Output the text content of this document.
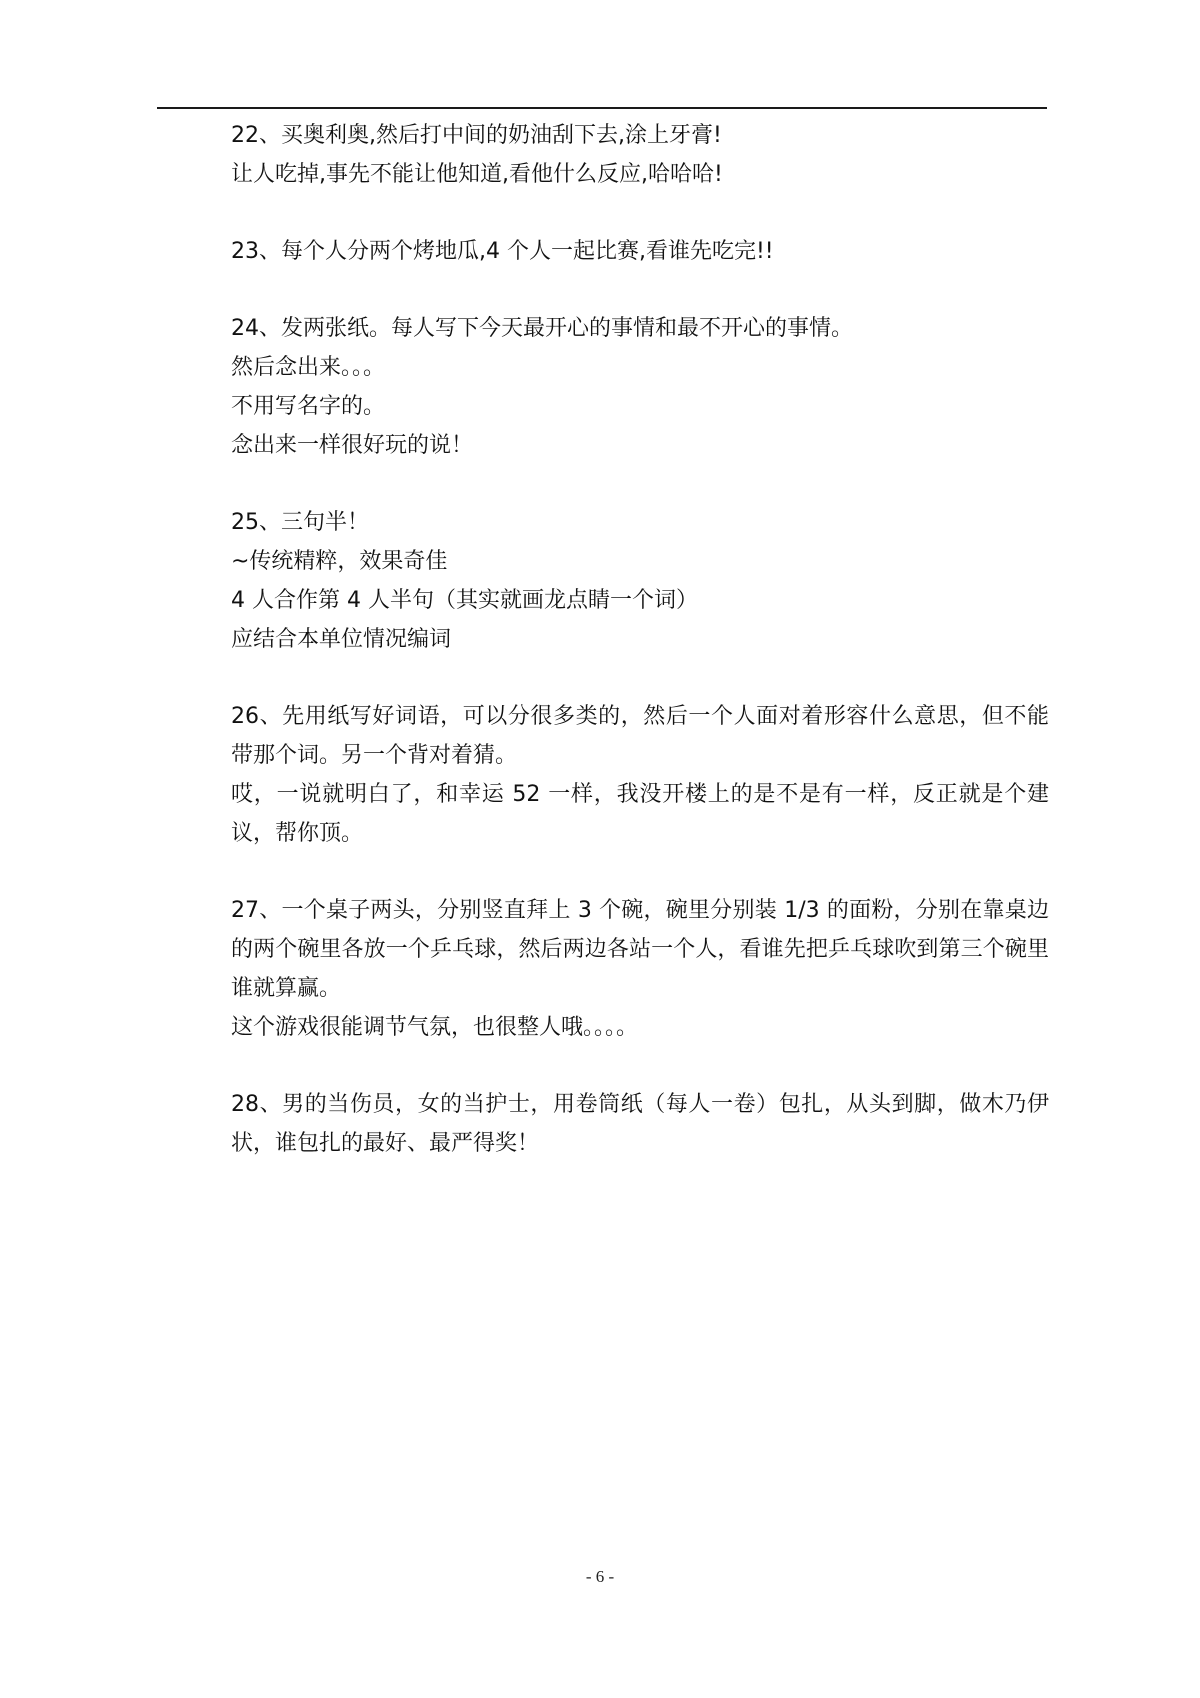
22、买奥利奥,然后打中间的奶油刮下去,涂上牙膏!
让人吃掉,事先不能让他知道,看他什么反应,哈哈哈!
23、每个人分两个烤地瓜,4 个人一起比赛,看谁先吃完!!
24、发两张纸。每人写下今天最开心的事情和最不开心的事情。
然后念出来。。。
不用写名字的。
念出来一样很好玩的说！
25、三句半！
~传统精粹，效果奇佳
4 人合作第 4 人半句（其实就画龙点睛一个词）
应结合本单位情况编词
26、先用纸写好词语，可以分很多类的，然后一个人面对着形容什么意思，但不能带那个词。另一个背对着猜。
哎，一说就明白了，和幸运 52 一样，我没开楼上的是不是有一样，反正就是个建议，帮你顶。
27、一个桌子两头，分别竖直拜上 3 个碗，碗里分别装 1/3 的面粉，分别在靠桌边的两个碗里各放一个乒乓球，然后两边各站一个人，看谁先把乒乓球吹到第三个碗里谁就算赢。
这个游戏很能调节气氛，也很整人哦。。。。
28、男的当伤员，女的当护士，用卷筒纸（每人一卷）包扎，从头到脚，做木乃伊状，谁包扎的最好、最严得奖！
- 6 -
